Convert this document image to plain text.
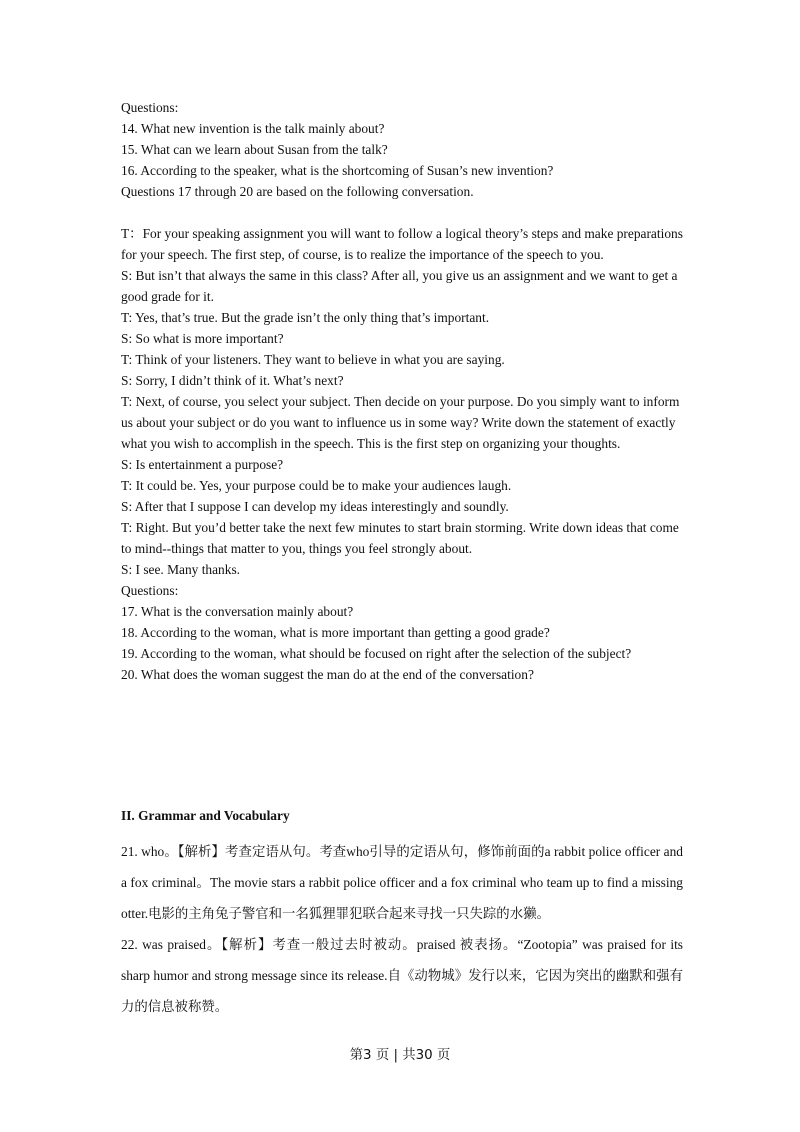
Questions:

14. What new invention is the talk mainly about?

15. What can we learn about Susan from the talk?

16. According to the speaker, what is the shortcoming of Susan’s new invention?

Questions 17 through 20 are based on the following conversation.

T：For your speaking assignment you will want to follow a logical theory’s steps and make preparations for your speech. The first step, of course, is to realize the importance of the speech to you.

S: But isn’t that always the same in this class? After all, you give us an assignment and we want to get a good grade for it.

T: Yes, that’s true. But the grade isn’t the only thing that’s important.

S: So what is more important?

T: Think of your listeners. They want to believe in what you are saying.

S: Sorry, I didn’t think of it. What’s next?

T: Next, of course, you select your subject. Then decide on your purpose. Do you simply want to inform us about your subject or do you want to influence us in some way? Write down the statement of exactly what you wish to accomplish in the speech. This is the first step on organizing your thoughts.

S: Is entertainment a purpose?

T: It could be. Yes, your purpose could be to make your audiences laugh.

S: After that I suppose I can develop my ideas interestingly and soundly.

T: Right. But you’d better take the next few minutes to start brain storming. Write down ideas that come to mind--things that matter to you, things you feel strongly about.

S: I see. Many thanks.

Questions:

17. What is the conversation mainly about?

18. According to the woman, what is more important than getting a good grade?

19. According to the woman, what should be focused on right after the selection of the subject?

20. What does the woman suggest the man do at the end of the conversation?

II. Grammar and Vocabulary

21. who。【解析】考查定语从句。考查who引导的定语从句，修饰前面的a rabbit police officer and a fox criminal。The movie stars a rabbit police officer and a fox criminal who team up to find a missing otter.电影的主角兔子警官和一名狐狸罪犯联合起来寻找一只失踪的水獭。

22. was praised。【解析】考查一般过去时被动。praised 被表扬。“Zootopia” was praised for its sharp humor and strong message since its release.自《动物城》发行以来，它因为突出的幽默和强有力的信息被称赞。

第3 页 | 共30 页
